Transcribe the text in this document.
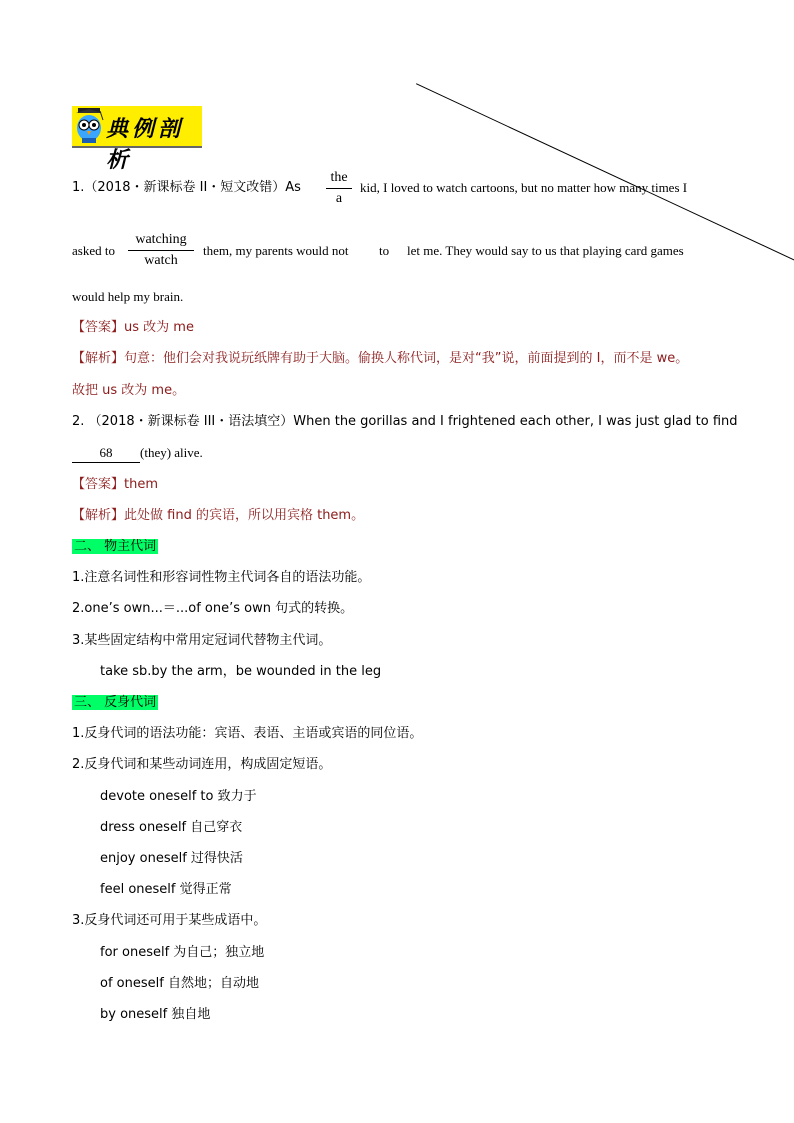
典例剖析
1.（2018・新课标卷 II・短文改错）As
the
a
kid, I loved to watch cartoons, but no matter how many times I
asked to
watching
watch
them, my parents would not to	let me. They would say to us that playing card games
would help my brain.
【答案】us 改为 me
【解析】句意：他们会对我说玩纸牌有助于大脑。偷换人称代词，是对“我”说，前面提到的 I，而不是 we。
故把 us 改为 me。
2. （2018・新课标卷 III・语法填空）When the gorillas and I frightened each other, I was just glad to find
68 (they) alive.
【答案】them
【解析】此处做 find 的宾语，所以用宾格 them。
二、 物主代词
1.注意名词性和形容词性物主代词各自的语法功能。
2.one’s own...＝...of one’s own 句式的转换。
3.某些固定结构中常用定冠词代替物主代词。
take sb.by the arm，be wounded in the leg
三、 反身代词
1.反身代词的语法功能：宾语、表语、主语或宾语的同位语。
2.反身代词和某些动词连用，构成固定短语。
devote oneself to 致力于
dress oneself 自己穿衣
enjoy oneself 过得快活
feel oneself 觉得正常
3.反身代词还可用于某些成语中。
for oneself 为自己；独立地
of oneself 自然地；自动地
by oneself 独自地
